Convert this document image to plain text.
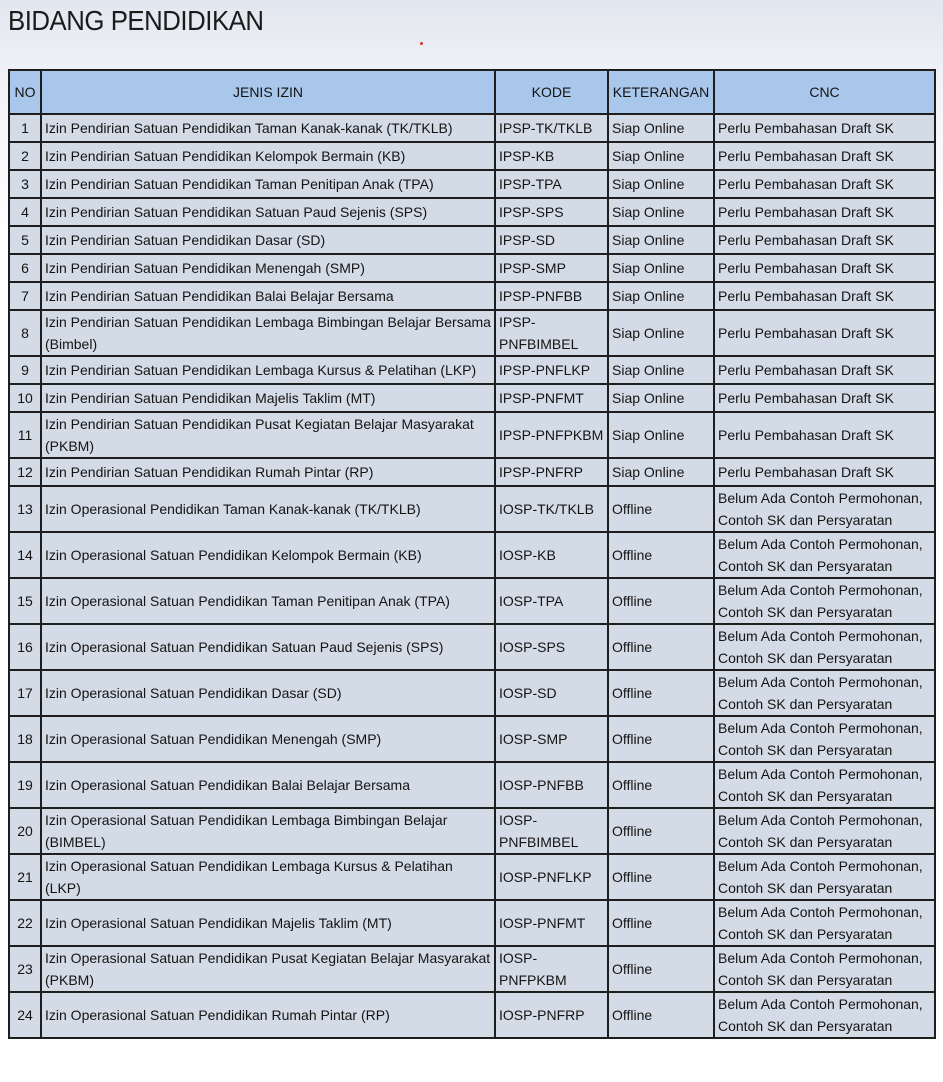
BIDANG PENDIDIKAN
NO	JENIS IZIN	KODE	KETERANGAN	CNC
1	Izin Pendirian Satuan Pendidikan Taman Kanak-kanak (TK/TKLB)	IPSP-TK/TKLB	Siap Online	Perlu Pembahasan Draft SK
2	Izin Pendirian Satuan Pendidikan Kelompok Bermain (KB)	IPSP-KB	Siap Online	Perlu Pembahasan Draft SK
3	Izin Pendirian Satuan Pendidikan Taman Penitipan Anak (TPA)	IPSP-TPA	Siap Online	Perlu Pembahasan Draft SK
4	Izin Pendirian Satuan Pendidikan Satuan Paud Sejenis (SPS)	IPSP-SPS	Siap Online	Perlu Pembahasan Draft SK
5	Izin Pendirian Satuan Pendidikan Dasar (SD)	IPSP-SD	Siap Online	Perlu Pembahasan Draft SK
6	Izin Pendirian Satuan Pendidikan Menengah (SMP)	IPSP-SMP	Siap Online	Perlu Pembahasan Draft SK
7	Izin Pendirian Satuan Pendidikan Balai Belajar Bersama	IPSP-PNFBB	Siap Online	Perlu Pembahasan Draft SK
8	Izin Pendirian Satuan Pendidikan Lembaga Bimbingan Belajar Bersama (Bimbel)	IPSP-PNFBIMBEL	Siap Online	Perlu Pembahasan Draft SK
9	Izin Pendirian Satuan Pendidikan Lembaga Kursus & Pelatihan (LKP)	IPSP-PNFLKP	Siap Online	Perlu Pembahasan Draft SK
10	Izin Pendirian Satuan Pendidikan Majelis Taklim (MT)	IPSP-PNFMT	Siap Online	Perlu Pembahasan Draft SK
11	Izin Pendirian Satuan Pendidikan Pusat Kegiatan Belajar Masyarakat (PKBM)	IPSP-PNFPKBM	Siap Online	Perlu Pembahasan Draft SK
12	Izin Pendirian Satuan Pendidikan Rumah Pintar (RP)	IPSP-PNFRP	Siap Online	Perlu Pembahasan Draft SK
13	Izin Operasional Pendidikan Taman Kanak-kanak (TK/TKLB)	IOSP-TK/TKLB	Offline	Belum Ada Contoh Permohonan, Contoh SK dan Persyaratan
14	Izin Operasional Satuan Pendidikan Kelompok Bermain (KB)	IOSP-KB	Offline	Belum Ada Contoh Permohonan, Contoh SK dan Persyaratan
15	Izin Operasional Satuan Pendidikan Taman Penitipan Anak (TPA)	IOSP-TPA	Offline	Belum Ada Contoh Permohonan, Contoh SK dan Persyaratan
16	Izin Operasional Satuan Pendidikan Satuan Paud Sejenis (SPS)	IOSP-SPS	Offline	Belum Ada Contoh Permohonan, Contoh SK dan Persyaratan
17	Izin Operasional Satuan Pendidikan Dasar (SD)	IOSP-SD	Offline	Belum Ada Contoh Permohonan, Contoh SK dan Persyaratan
18	Izin Operasional Satuan Pendidikan Menengah (SMP)	IOSP-SMP	Offline	Belum Ada Contoh Permohonan, Contoh SK dan Persyaratan
19	Izin Operasional Satuan Pendidikan Balai Belajar Bersama	IOSP-PNFBB	Offline	Belum Ada Contoh Permohonan, Contoh SK dan Persyaratan
20	Izin Operasional Satuan Pendidikan Lembaga Bimbingan Belajar (BIMBEL)	IOSP-PNFBIMBEL	Offline	Belum Ada Contoh Permohonan, Contoh SK dan Persyaratan
21	Izin Operasional Satuan Pendidikan Lembaga Kursus & Pelatihan (LKP)	IOSP-PNFLKP	Offline	Belum Ada Contoh Permohonan, Contoh SK dan Persyaratan
22	Izin Operasional Satuan Pendidikan Majelis Taklim (MT)	IOSP-PNFMT	Offline	Belum Ada Contoh Permohonan, Contoh SK dan Persyaratan
23	Izin Operasional Satuan Pendidikan Pusat Kegiatan Belajar Masyarakat (PKBM)	IOSP-PNFPKBM	Offline	Belum Ada Contoh Permohonan, Contoh SK dan Persyaratan
24	Izin Operasional Satuan Pendidikan Rumah Pintar (RP)	IOSP-PNFRP	Offline	Belum Ada Contoh Permohonan, Contoh SK dan Persyaratan
